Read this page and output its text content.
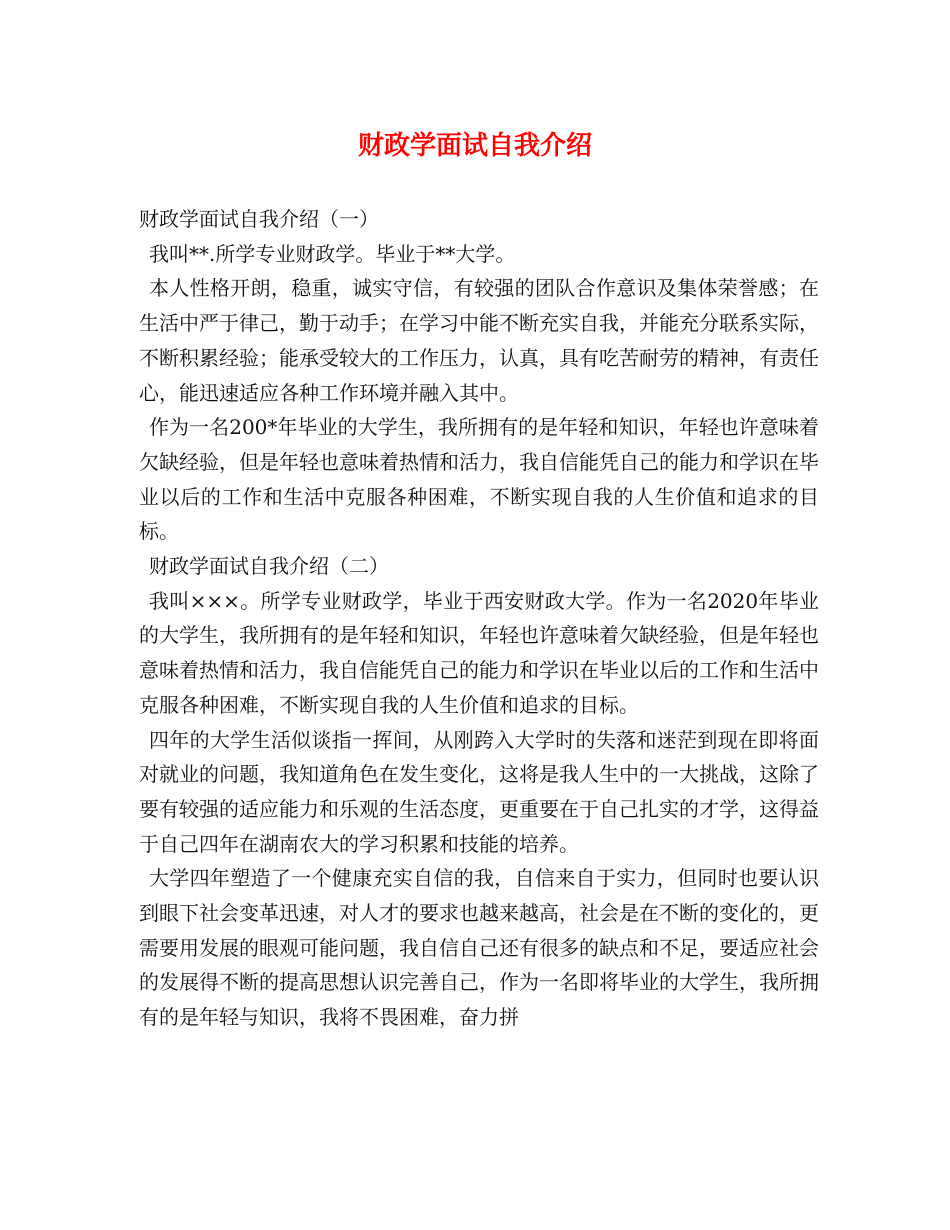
财政学面试自我介绍

财政学面试自我介绍（一）

我叫**.所学专业财政学。毕业于**大学。

本人性格开朗，稳重，诚实守信，有较强的团队合作意识及集体荣誉感；在生活中严于律己，勤于动手；在学习中能不断充实自我，并能充分联系实际，不断积累经验；能承受较大的工作压力，认真，具有吃苦耐劳的精神，有责任心，能迅速适应各种工作环境并融入其中。

作为一名200*年毕业的大学生，我所拥有的是年轻和知识，年轻也许意味着欠缺经验，但是年轻也意味着热情和活力，我自信能凭自己的能力和学识在毕业以后的工作和生活中克服各种困难，不断实现自我的人生价值和追求的目标。

财政学面试自我介绍（二）

我叫×××。所学专业财政学，毕业于西安财政大学。作为一名2020年毕业的大学生，我所拥有的是年轻和知识，年轻也许意味着欠缺经验，但是年轻也意味着热情和活力，我自信能凭自己的能力和学识在毕业以后的工作和生活中克服各种困难，不断实现自我的人生价值和追求的目标。

四年的大学生活似谈指一挥间，从刚跨入大学时的失落和迷茫到现在即将面对就业的问题，我知道角色在发生变化，这将是我人生中的一大挑战，这除了要有较强的适应能力和乐观的生活态度，更重要在于自己扎实的才学，这得益于自己四年在湖南农大的学习积累和技能的培养。

大学四年塑造了一个健康充实自信的我，自信来自于实力，但同时也要认识到眼下社会变革迅速，对人才的要求也越来越高，社会是在不断的变化的，更需要用发展的眼观可能问题，我自信自己还有很多的缺点和不足，要适应社会的发展得不断的提高思想认识完善自己，作为一名即将毕业的大学生，我所拥有的是年轻与知识，我将不畏困难，奋力拼
